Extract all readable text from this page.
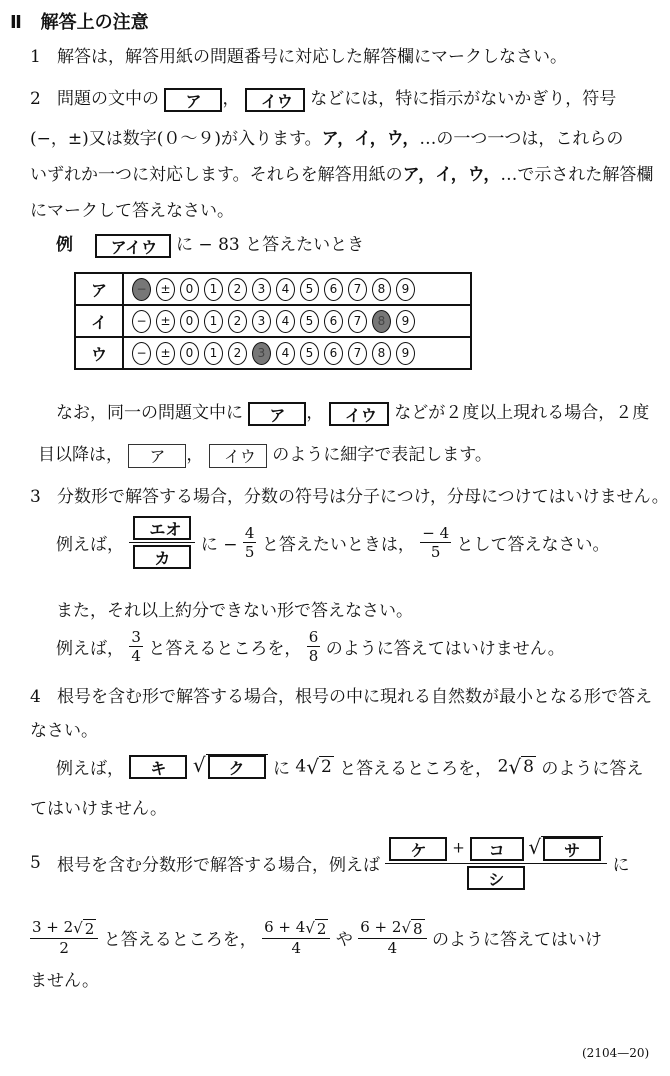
Ⅱ 解答上の注意
1 解答は，解答用紙の問題番号に対応した解答欄にマークしなさい。
2 問題の文中の ア ， イウ などには，特に指示がないかぎり，符号
(−，±)又は数字(０〜９)が入ります。ア，イ，ウ，…の一つ一つは，これらの
いずれか一つに対応します。それらを解答用紙のア，イ，ウ，…で示された解答欄
にマークして答えなさい。
例 アイウ に − 83 と答えたいとき
ア	− ± 0 1 2 3 4 5 6 7 8 9
イ	− ± 0 1 2 3 4 5 6 7 8 9
ウ	− ± 0 1 2 3 4 5 6 7 8 9
なお，同一の問題文中に ア ， イウ などが２度以上現れる場合，２度
目以降は， ア ， イウ のように細字で表記します。
3 分数形で解答する場合，分数の符号は分子につけ，分母につけてはいけません。
例えば， $\frac{\text{エオ}}{\text{カ}}$ に − $\frac{4}{5}$ と答えたいときは， $\frac{- 4}{5}$ として答えなさい。
また，それ以上約分できない形で答えなさい。
例えば， $\frac{3}{4}$ と答えるところを， $\frac{6}{8}$ のように答えてはいけません。
4 根号を含む形で解答する場合，根号の中に現れる自然数が最小となる形で答え
なさい。
例えば， キ √	ク	に 4 √ 2 と答えるところを， 2 √ 8 のように答え
てはいけません。
5 根号を含む分数形で解答する場合，例えば ケ + コ √	サ
シ に
$\frac{3 + 2 √ 2}{2}$ と答えるところを， $\frac{6 + 4 √ 2}{4}$ や $\frac{6 + 2 √ 8}{4}$ のように答えてはいけ
ません。
(2104—20)
